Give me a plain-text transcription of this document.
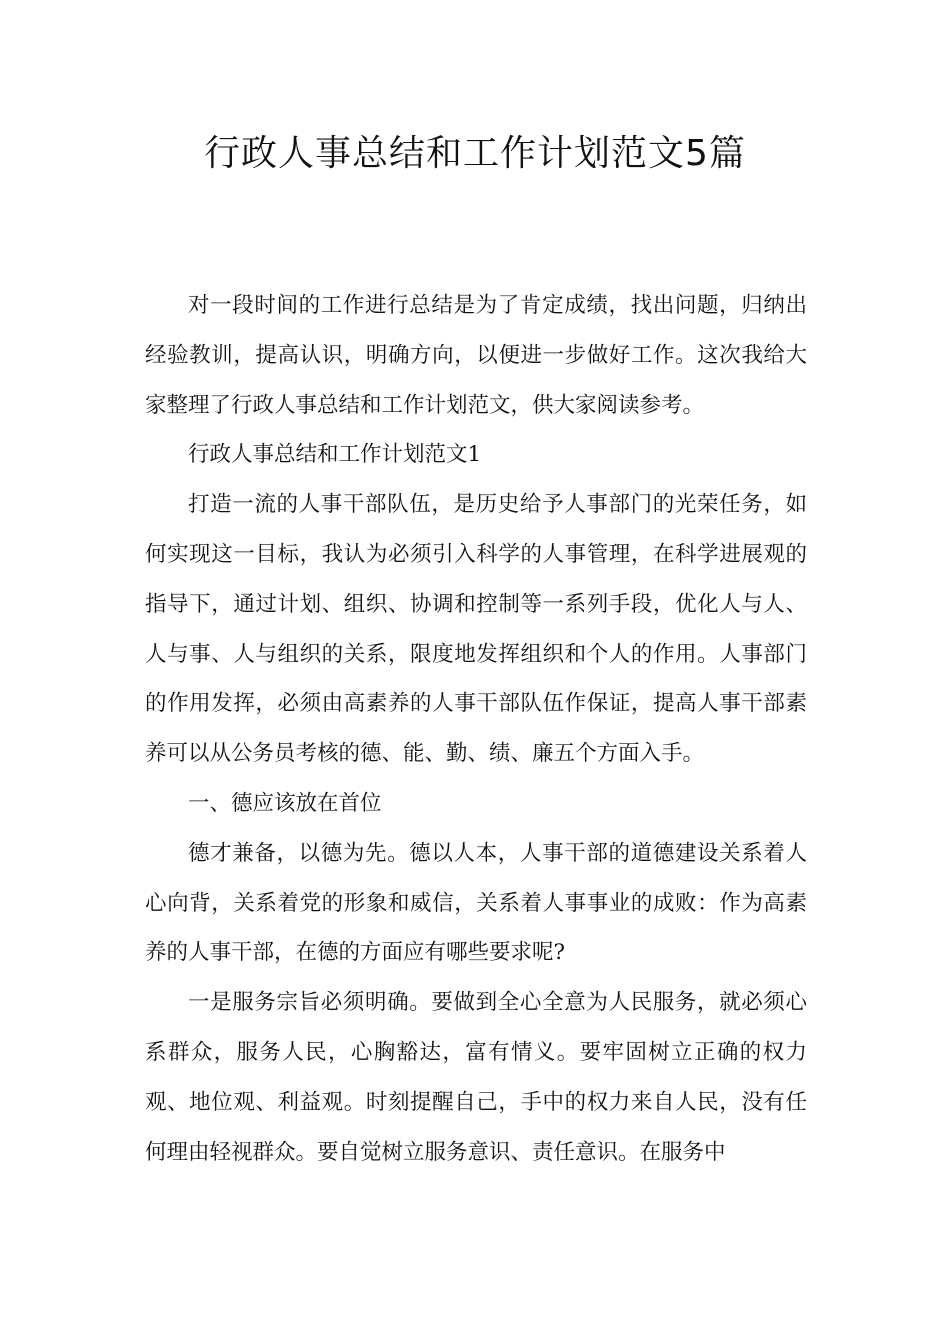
行政人事总结和工作计划范文5篇

对一段时间的工作进行总结是为了肯定成绩，找出问题，归纳出经验教训，提高认识，明确方向，以便进一步做好工作。这次我给大家整理了行政人事总结和工作计划范文，供大家阅读参考。

行政人事总结和工作计划范文1

打造一流的人事干部队伍，是历史给予人事部门的光荣任务，如何实现这一目标，我认为必须引入科学的人事管理，在科学进展观的指导下，通过计划、组织、协调和控制等一系列手段，优化人与人、人与事、人与组织的关系，限度地发挥组织和个人的作用。人事部门的作用发挥，必须由高素养的人事干部队伍作保证，提高人事干部素养可以从公务员考核的德、能、勤、绩、廉五个方面入手。

一、德应该放在首位

德才兼备，以德为先。德以人本，人事干部的道德建设关系着人心向背，关系着党的形象和威信，关系着人事事业的成败：作为高素养的人事干部，在德的方面应有哪些要求呢?

一是服务宗旨必须明确。要做到全心全意为人民服务，就必须心系群众，服务人民，心胸豁达，富有情义。要牢固树立正确的权力观、地位观、利益观。时刻提醒自己，手中的权力来自人民，没有任何理由轻视群众。要自觉树立服务意识、责任意识。在服务中
